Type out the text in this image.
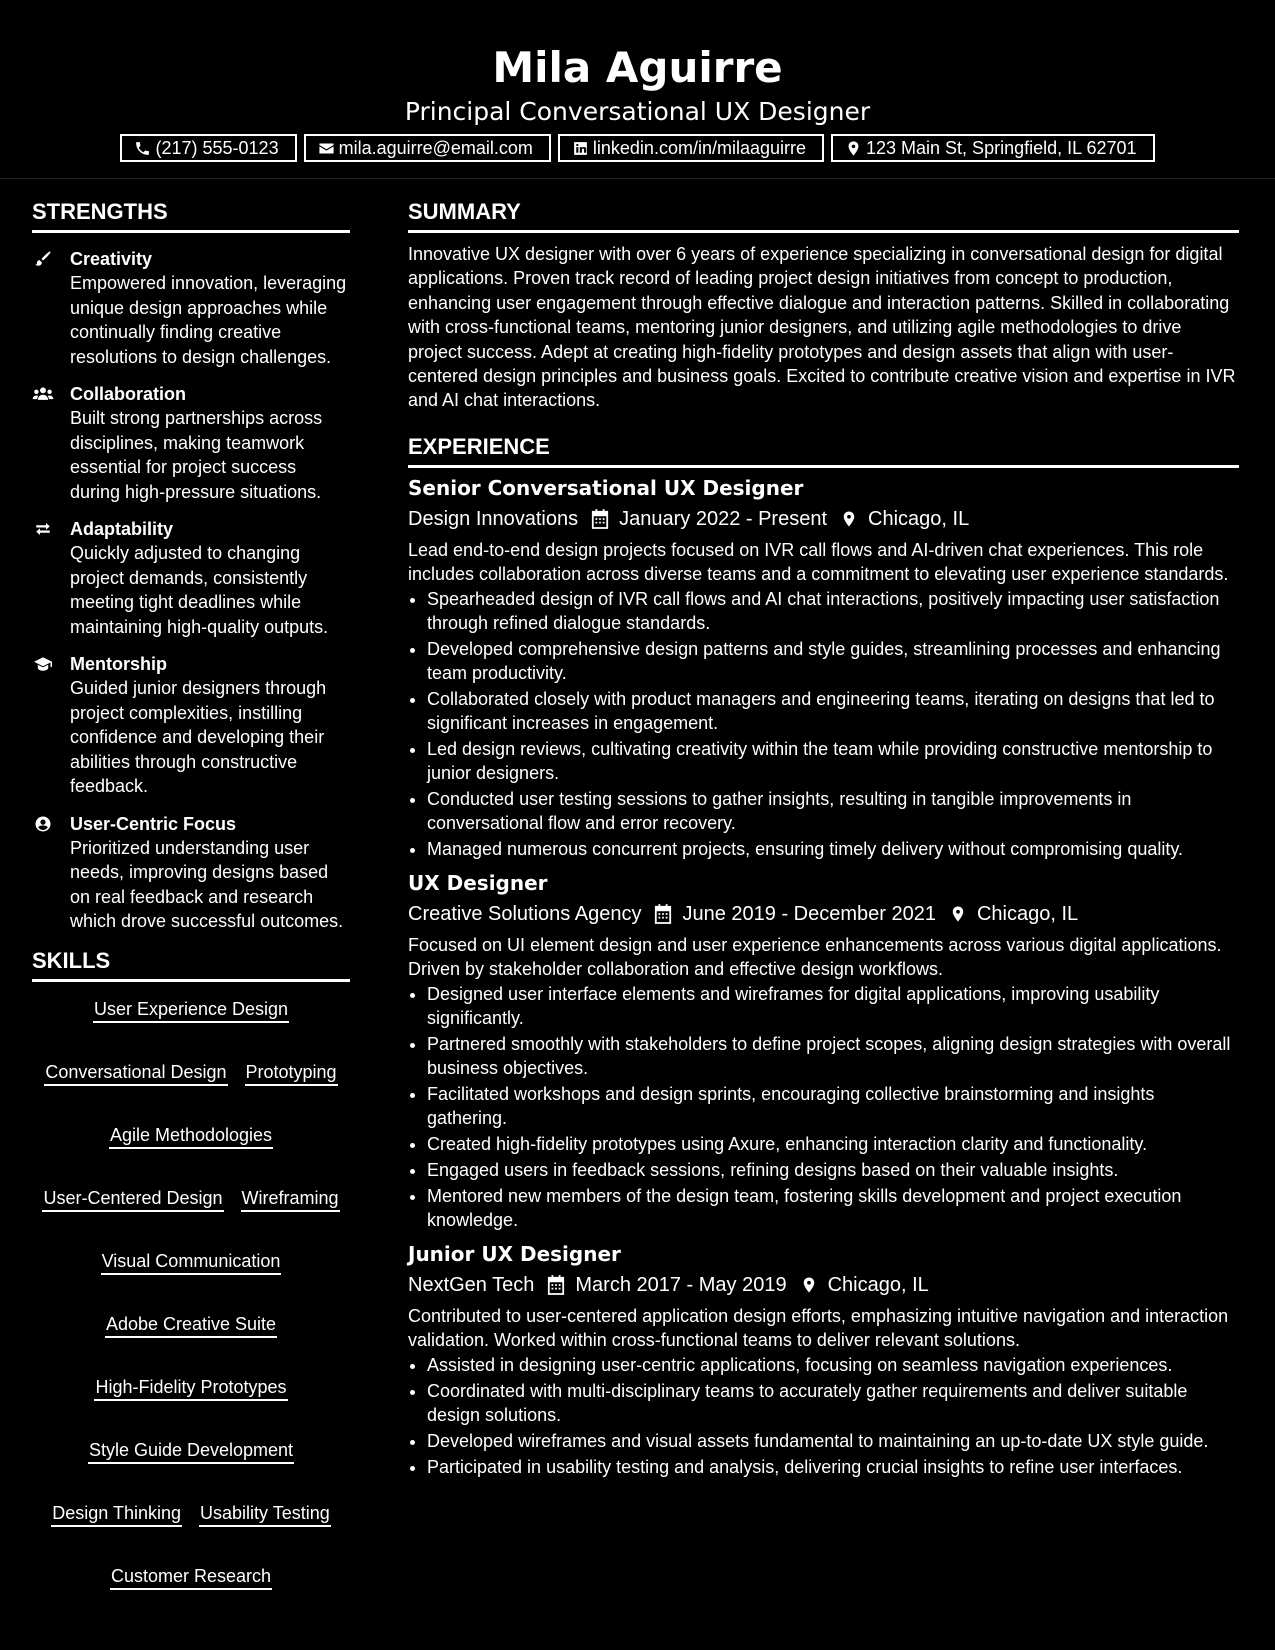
Mila Aguirre
Principal Conversational UX Designer
(217) 555-0123	mila.aguirre@email.com	linkedin.com/in/milaaguirre	123 Main St, Springfield, IL 62701
STRENGTHS
Creativity
Empowered innovation, leveraging unique design approaches while continually finding creative resolutions to design challenges.
Collaboration
Built strong partnerships across disciplines, making teamwork essential for project success during high-pressure situations.
Adaptability
Quickly adjusted to changing project demands, consistently meeting tight deadlines while maintaining high-quality outputs.
Mentorship
Guided junior designers through project complexities, instilling confidence and developing their abilities through constructive feedback.
User-Centric Focus
Prioritized understanding user needs, improving designs based on real feedback and research which drove successful outcomes.
SKILLS
User Experience Design
Conversational Design Prototyping
Agile Methodologies
User-Centered Design Wireframing
Visual Communication
Adobe Creative Suite
High-Fidelity Prototypes
Style Guide Development
Design Thinking Usability Testing
Customer Research
SUMMARY
Innovative UX designer with over 6 years of experience specializing in conversational design for digital applications. Proven track record of leading project design initiatives from concept to production, enhancing user engagement through effective dialogue and interaction patterns. Skilled in collaborating with cross-functional teams, mentoring junior designers, and utilizing agile methodologies to drive project success. Adept at creating high-fidelity prototypes and design assets that align with user-centered design principles and business goals. Excited to contribute creative vision and expertise in IVR and AI chat interactions.
EXPERIENCE
Senior Conversational UX Designer
Design Innovations January 2022 - Present Chicago, IL
Lead end-to-end design projects focused on IVR call flows and AI-driven chat experiences. This role includes collaboration across diverse teams and a commitment to elevating user experience standards.
• Spearheaded design of IVR call flows and AI chat interactions, positively impacting user satisfaction through refined dialogue standards.
• Developed comprehensive design patterns and style guides, streamlining processes and enhancing team productivity.
• Collaborated closely with product managers and engineering teams, iterating on designs that led to significant increases in engagement.
• Led design reviews, cultivating creativity within the team while providing constructive mentorship to junior designers.
• Conducted user testing sessions to gather insights, resulting in tangible improvements in conversational flow and error recovery.
• Managed numerous concurrent projects, ensuring timely delivery without compromising quality.
UX Designer
Creative Solutions Agency June 2019 - December 2021 Chicago, IL
Focused on UI element design and user experience enhancements across various digital applications. Driven by stakeholder collaboration and effective design workflows.
• Designed user interface elements and wireframes for digital applications, improving usability significantly.
• Partnered smoothly with stakeholders to define project scopes, aligning design strategies with overall business objectives.
• Facilitated workshops and design sprints, encouraging collective brainstorming and insights gathering.
• Created high-fidelity prototypes using Axure, enhancing interaction clarity and functionality.
• Engaged users in feedback sessions, refining designs based on their valuable insights.
• Mentored new members of the design team, fostering skills development and project execution knowledge.
Junior UX Designer
NextGen Tech March 2017 - May 2019 Chicago, IL
Contributed to user-centered application design efforts, emphasizing intuitive navigation and interaction validation. Worked within cross-functional teams to deliver relevant solutions.
• Assisted in designing user-centric applications, focusing on seamless navigation experiences.
• Coordinated with multi-disciplinary teams to accurately gather requirements and deliver suitable design solutions.
• Developed wireframes and visual assets fundamental to maintaining an up-to-date UX style guide.
• Participated in usability testing and analysis, delivering crucial insights to refine user interfaces.
